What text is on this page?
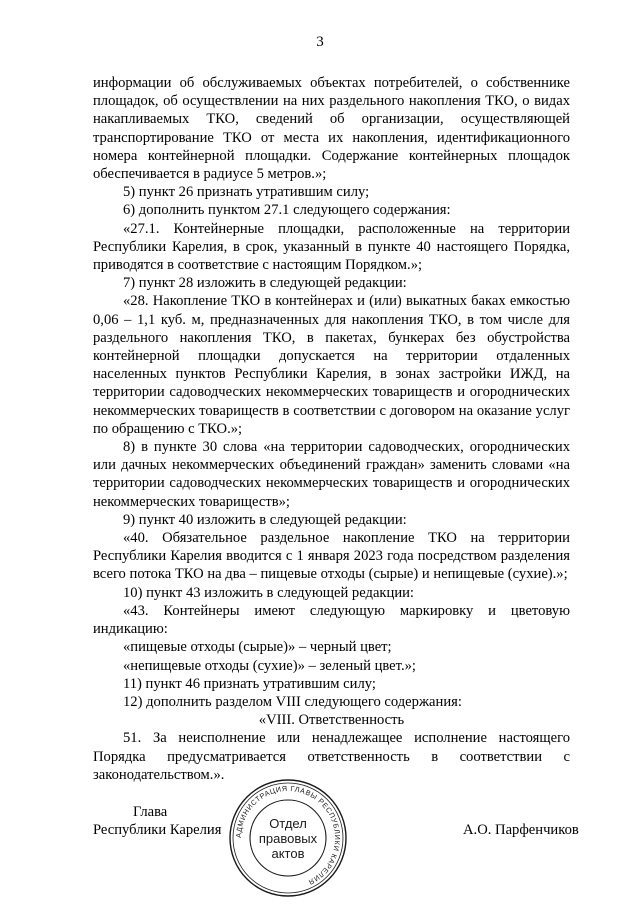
3

информации об обслуживаемых объектах потребителей, о собственнике площадок, об осуществлении на них раздельного накопления ТКО, о видах накапливаемых ТКО, сведений об организации, осуществляющей транспортирование ТКО от места их накопления, идентификационного номера контейнерной площадки. Содержание контейнерных площадок обеспечивается в радиусе 5 метров.»;

5) пункт 26 признать утратившим силу;

6) дополнить пунктом 27.1 следующего содержания:

«27.1. Контейнерные площадки, расположенные на территории Республики Карелия, в срок, указанный в пункте 40 настоящего Порядка, приводятся в соответствие с настоящим Порядком.»;

7) пункт 28 изложить в следующей редакции:

«28. Накопление ТКО в контейнерах и (или) выкатных баках емкостью 0,06 – 1,1 куб. м, предназначенных для накопления ТКО, в том числе для раздельного накопления ТКО, в пакетах, бункерах без обустройства контейнерной площадки допускается на территории отдаленных населенных пунктов Республики Карелия, в зонах застройки ИЖД, на территории садоводческих некоммерческих товариществ и огороднических некоммерческих товариществ в соответствии с договором на оказание услуг по обращению с ТКО.»;

8) в пункте 30 слова «на территории садоводческих, огороднических или дачных некоммерческих объединений граждан» заменить словами «на территории садоводческих некоммерческих товариществ и огороднических некоммерческих товариществ»;

9) пункт 40 изложить в следующей редакции:

«40. Обязательное раздельное накопление ТКО на территории Республики Карелия вводится с 1 января 2023 года посредством разделения всего потока ТКО на два – пищевые отходы (сырые) и непищевые (сухие).»;

10) пункт 43 изложить в следующей редакции:

«43. Контейнеры имеют следующую маркировку и цветовую индикацию:

«пищевые отходы (сырые)» – черный цвет;

«непищевые отходы (сухие)» – зеленый цвет.»;

11) пункт 46 признать утратившим силу;

12) дополнить разделом VIII следующего содержания:

«VIII. Ответственность

51. За неисполнение или ненадлежащее исполнение настоящего Порядка предусматривается ответственность в соответствии с законодательством.».

Глава
Республики Карелия	АДМИНИСТРАЦИЯ ГЛАВЫ РЕСПУБЛИКИ КАРЕЛИЯ
Отдел
правовых
актов
А.О. Парфенчиков
